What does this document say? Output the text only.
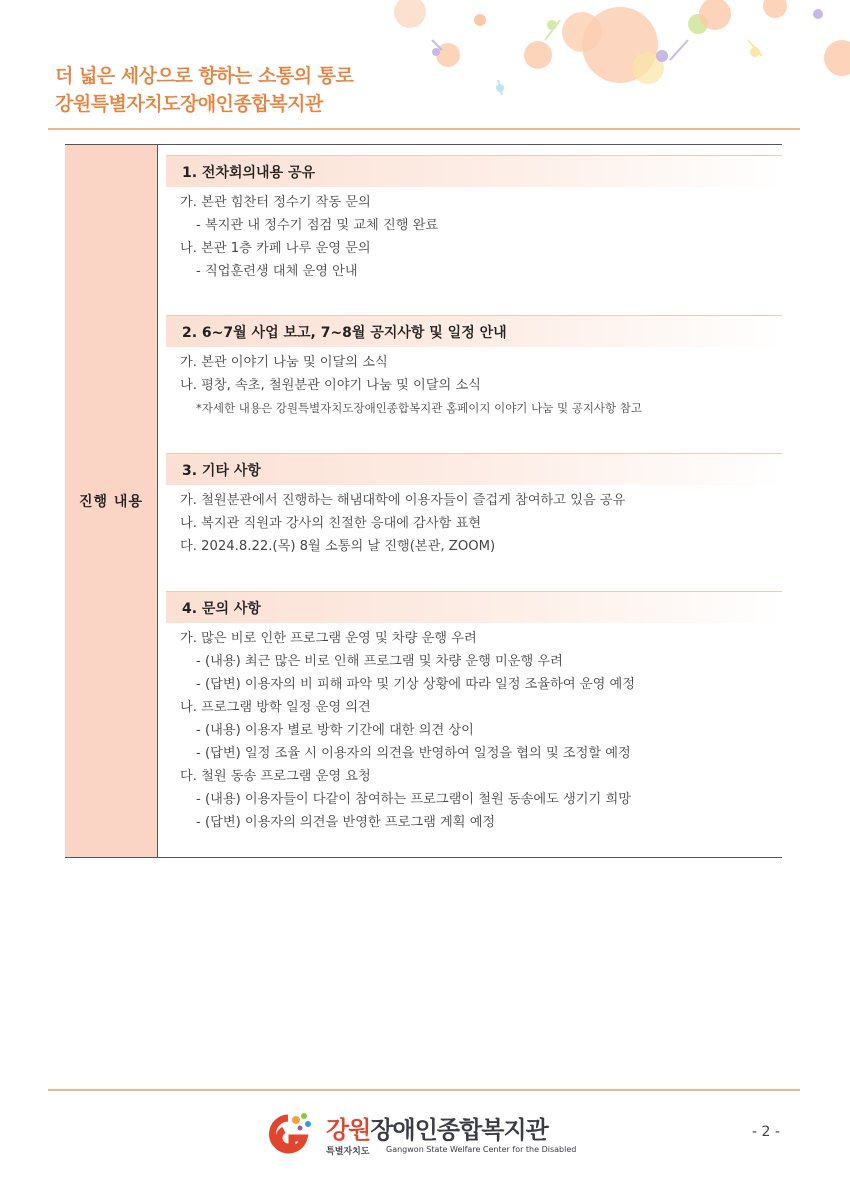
더 넓은 세상으로 향하는 소통의 통로
강원특별자치도장애인종합복지관
진행 내용
1. 전차회의내용 공유
가. 본관 힘찬터 정수기 작동 문의
- 복지관 내 정수기 점검 및 교체 진행 완료
나. 본관 1층 카페 나루 운영 문의
- 직업훈련생 대체 운영 안내
2. 6~7월 사업 보고, 7~8월 공지사항 및 일정 안내
가. 본관 이야기 나눔 및 이달의 소식
나. 평창, 속초, 철원분관 이야기 나눔 및 이달의 소식
*자세한 내용은 강원특별자치도장애인종합복지관 홈페이지 이야기 나눔 및 공지사항 참고
3. 기타 사항
가. 철원분관에서 진행하는 해냄대학에 이용자들이 즐겁게 참여하고 있음 공유
나. 복지관 직원과 강사의 친절한 응대에 감사함 표현
다. 2024.8.22.(목) 8월 소통의 날 진행(본관, ZOOM)
4. 문의 사항
가. 많은 비로 인한 프로그램 운영 및 차량 운행 우려
- (내용) 최근 많은 비로 인해 프로그램 및 차량 운행 미운행 우려
- (답변) 이용자의 비 피해 파악 및 기상 상황에 따라 일정 조율하여 운영 예정
나. 프로그램 방학 일정 운영 의견
- (내용) 이용자 별로 방학 기간에 대한 의견 상이
- (답변) 일정 조율 시 이용자의 의견을 반영하여 일정을 협의 및 조정할 예정
다. 철원 동송 프로그램 운영 요청
- (내용) 이용자들이 다같이 참여하는 프로그램이 철원 동송에도 생기기 희망
- (답변) 이용자의 의견을 반영한 프로그램 계획 예정
강원장애인종합복지관
특별자치도 Gangwon State Welfare Center for the Disabled
- 2 -
